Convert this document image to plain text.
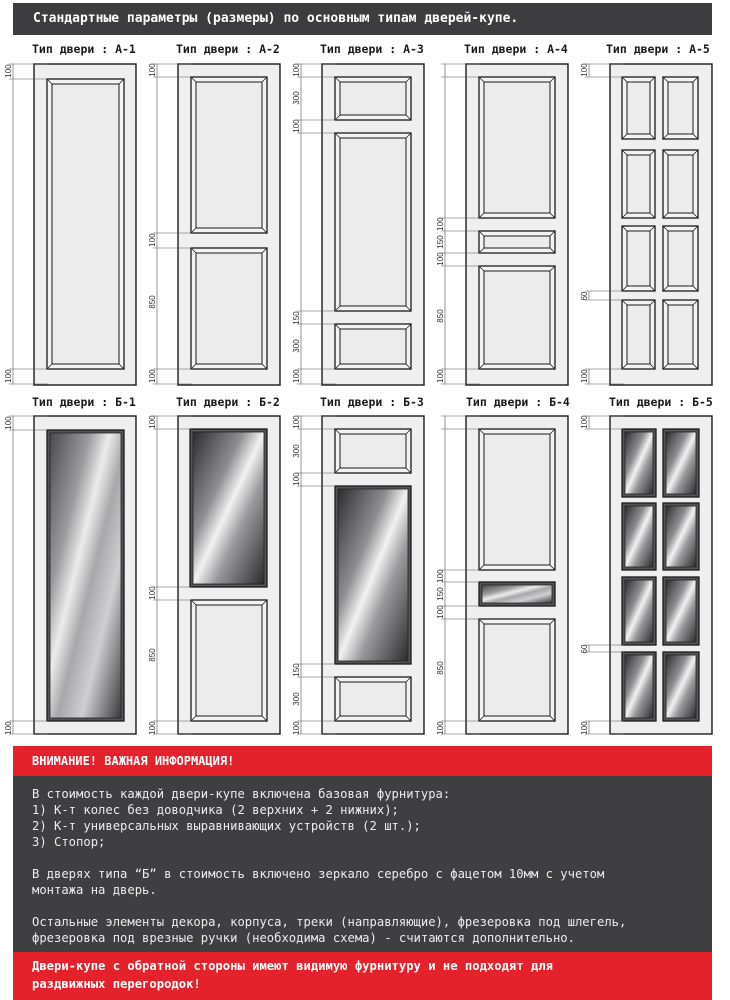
Стандартные параметры (размеры) по основным типам дверей-купе.
100
100
100
100
850
100
100
300
100
150
300
100
100
150
100
850
100
100
60
100
100
100
100
100
850
100
100
300
100
150
300
100
100
150
100
850
100
100
60
100
Тип двери : А-1	Тип двери : А-2	Тип двери : А-3	Тип двери : А-4	Тип двери : А-5
Тип двери : Б-1	Тип двери : Б-2	Тип двери : Б-3	Тип двери : Б-4	Тип двери : Б-5
ВНИМАНИЕ! ВАЖНАЯ ИНФОРМАЦИЯ!

В стоимость каждой двери-купе включена базовая фурнитура:

1) К-т колес без доводчика (2 верхних + 2 нижних);

2) К-т универсальных выравнивающих устройств (2 шт.);

3) Стопор;

В дверях типа “Б” в стоимость включено зеркало серебро с фацетом 10мм с учетом

монтажа на дверь.

Остальные элементы декора, корпуса, треки (направляющие), фрезеровка под шлегель,

фрезеровка под врезные ручки (необходима схема) - считаются дополнительно.

Двери-купе с обратной стороны имеют видимую фурнитуру и не подходят для

раздвижных перегородок!
